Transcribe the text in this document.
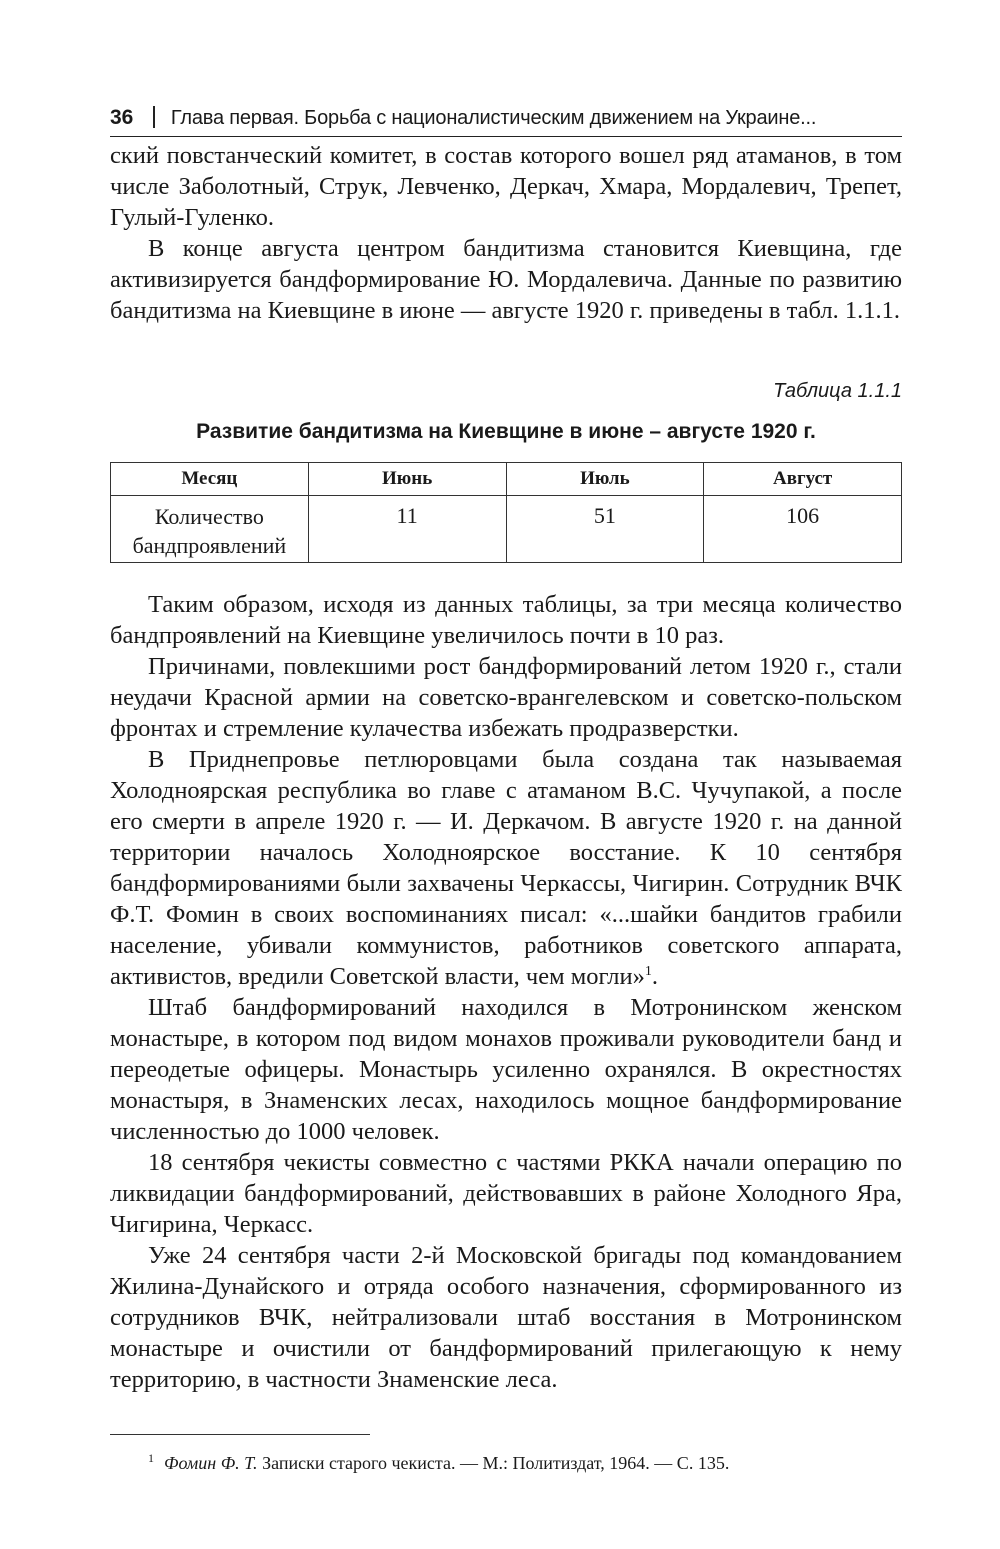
36 Глава первая. Борьба с националистическим движением на Украине...

ский повстанческий комитет, в состав которого вошел ряд атаманов, в том числе Заболотный, Струк, Левченко, Деркач, Хмара, Мордалевич, Трепет, Гулый-Гуленко.

В конце августа центром бандитизма становится Киевщина, где активизируется бандформирование Ю. Мордалевича. Данные по развитию бандитизма на Киевщине в июне — августе 1920 г. приведены в табл. 1.1.1.

Таблица 1.1.1
Развитие бандитизма на Киевщине в июне – августе 1920 г.
Месяц	Июнь	Июль	Август
Количество бандпроявлений	11	51	106

Таким образом, исходя из данных таблицы, за три месяца количество бандпроявлений на Киевщине увеличилось почти в 10 раз.

Причинами, повлекшими рост бандформирований летом 1920 г., стали неудачи Красной армии на советско-врангелевском и советско-польском фронтах и стремление кулачества избежать продразверстки.

В Приднепровье петлюровцами была создана так называемая Холодноярская республика во главе с атаманом В.С. Чучупакой, а после его смерти в апреле 1920 г. — И. Деркачом. В августе 1920 г. на данной территории началось Холодноярское восстание. К 10 сентября бандформированиями были захвачены Черкассы, Чигирин. Сотрудник ВЧК Ф.Т. Фомин в своих воспоминаниях писал: «...шайки бандитов грабили население, убивали коммунистов, работников советского аппарата, активистов, вредили Советской власти, чем могли»$^1$.

Штаб бандформирований находился в Мотронинском женском монастыре, в котором под видом монахов проживали руководители банд и переодетые офицеры. Монастырь усиленно охранялся. В окрестностях монастыря, в Знаменских лесах, находилось мощное бандформирование численностью до 1000 человек.

18 сентября чекисты совместно с частями РККА начали операцию по ликвидации бандформирований, действовавших в районе Холодного Яра, Чигирина, Черкасс.

Уже 24 сентября части 2-й Московской бригады под командованием Жилина-Дунайского и отряда особого назначения, сформированного из сотрудников ВЧК, нейтрализовали штаб восстания в Мотронинском монастыре и очистили от бандформирований прилегающую к нему территорию, в частности Знаменские леса.

$^1$ Фомин Ф. Т. Записки старого чекиста. — М.: Политиздат, 1964. — С. 135.
